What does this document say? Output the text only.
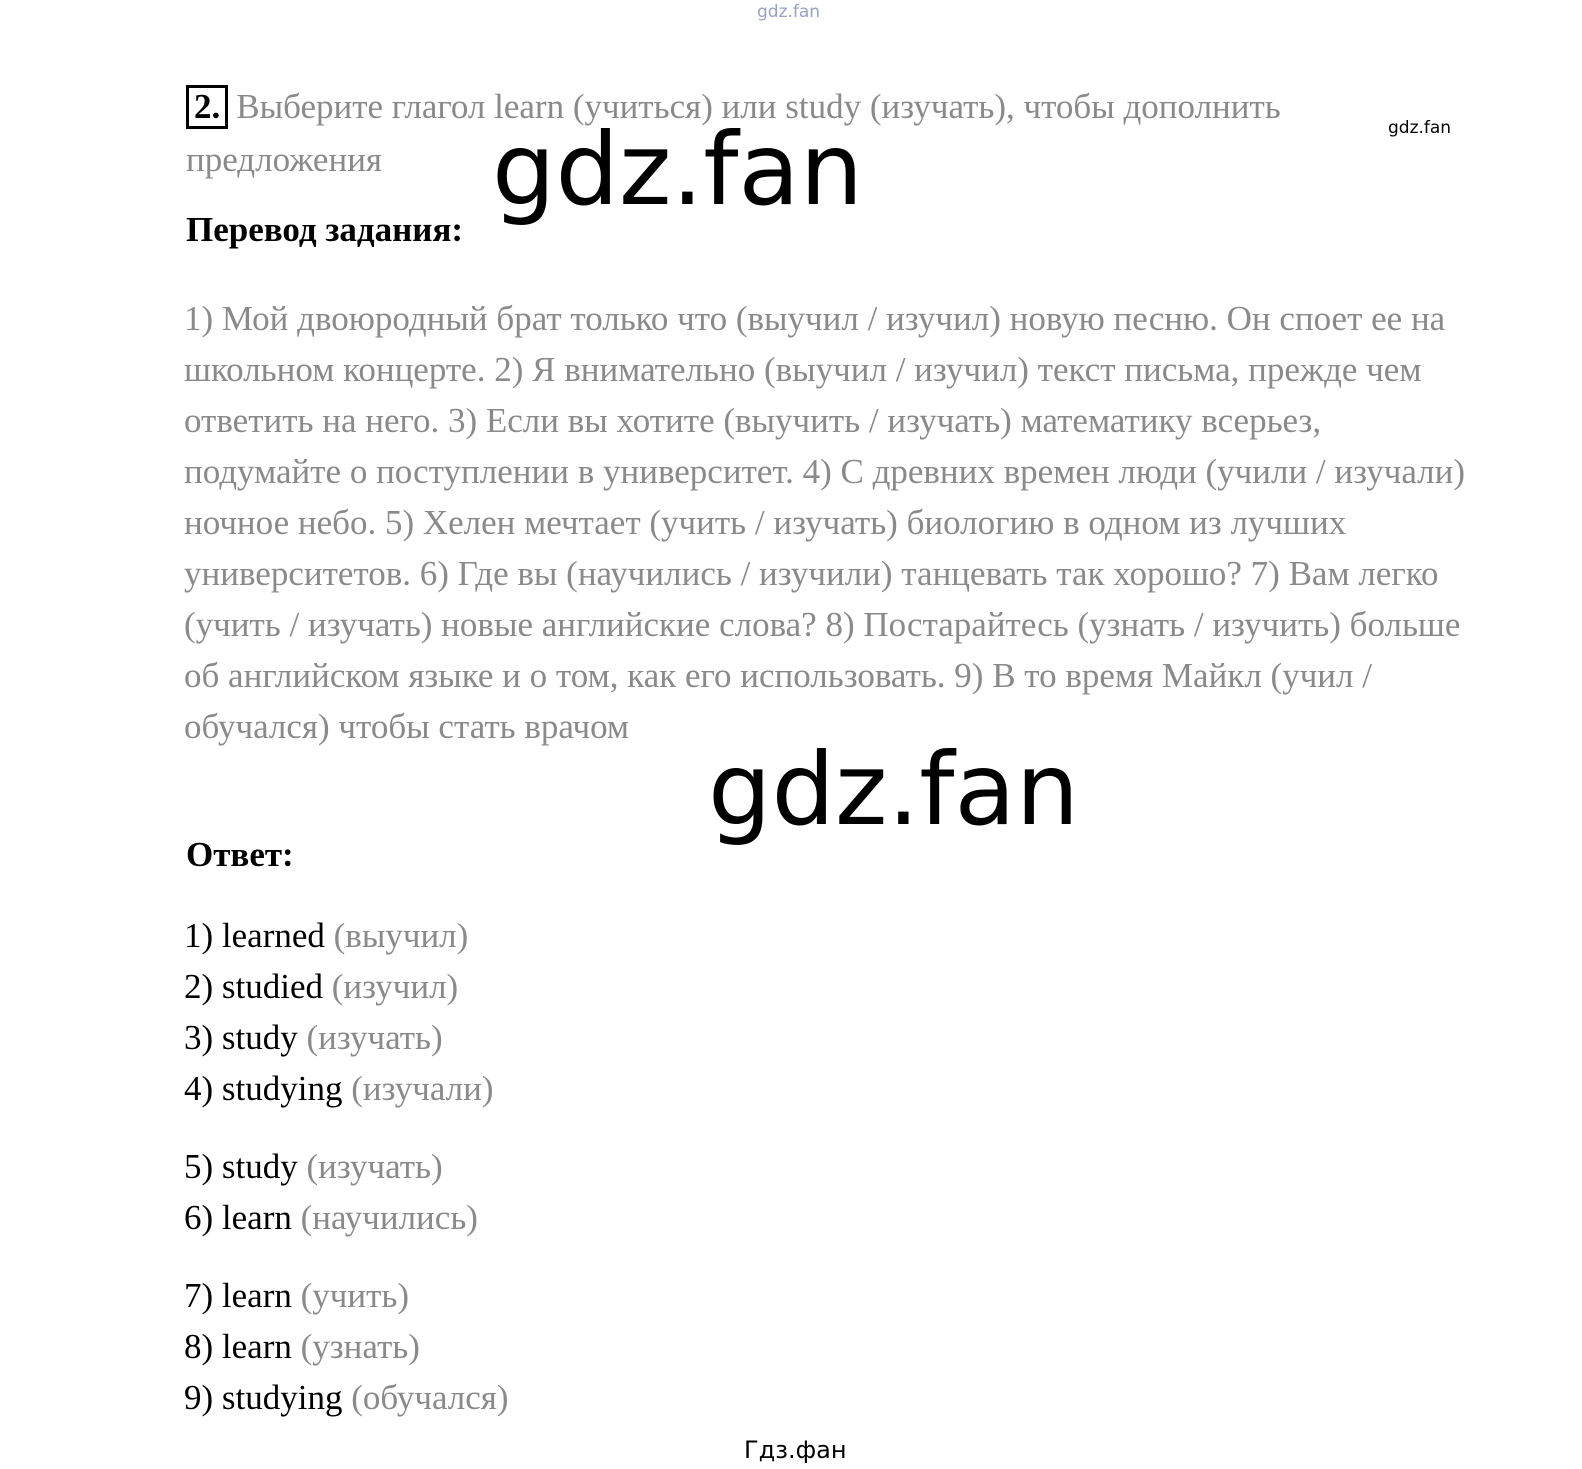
gdz.fan
gdz.fan
2. Выберите глагол learn (учиться) или study (изучать), чтобы дополнить предложения
Перевод задания:
1) Мой двоюродный брат только что (выучил / изучил) новую песню. Он споет ее на школьном концерте. 2) Я внимательно (выучил / изучил) текст письма, прежде чем ответить на него. 3) Если вы хотите (выучить / изучать) математику всерьез, подумайте о поступлении в университет. 4) С древних времен люди (учили / изучали) ночное небо. 5) Хелен мечтает (учить / изучать) биологию в одном из лучших университетов. 6) Где вы (научились / изучили) танцевать так хорошо? 7) Вам легко (учить / изучать) новые английские слова? 8) Постарайтесь (узнать / изучить) больше об английском языке и о том, как его использовать. 9) В то время Майкл (учил / обучался) чтобы стать врачом
Ответ:
1) learned (выучил)
2) studied (изучил)
3) study (изучать)
4) studying (изучали)
5) study (изучать)
6) learn (научились)
7) learn (учить)
8) learn (узнать)
9) studying (обучался)
gdz.fan
gdz.fan
Гдз.фан
